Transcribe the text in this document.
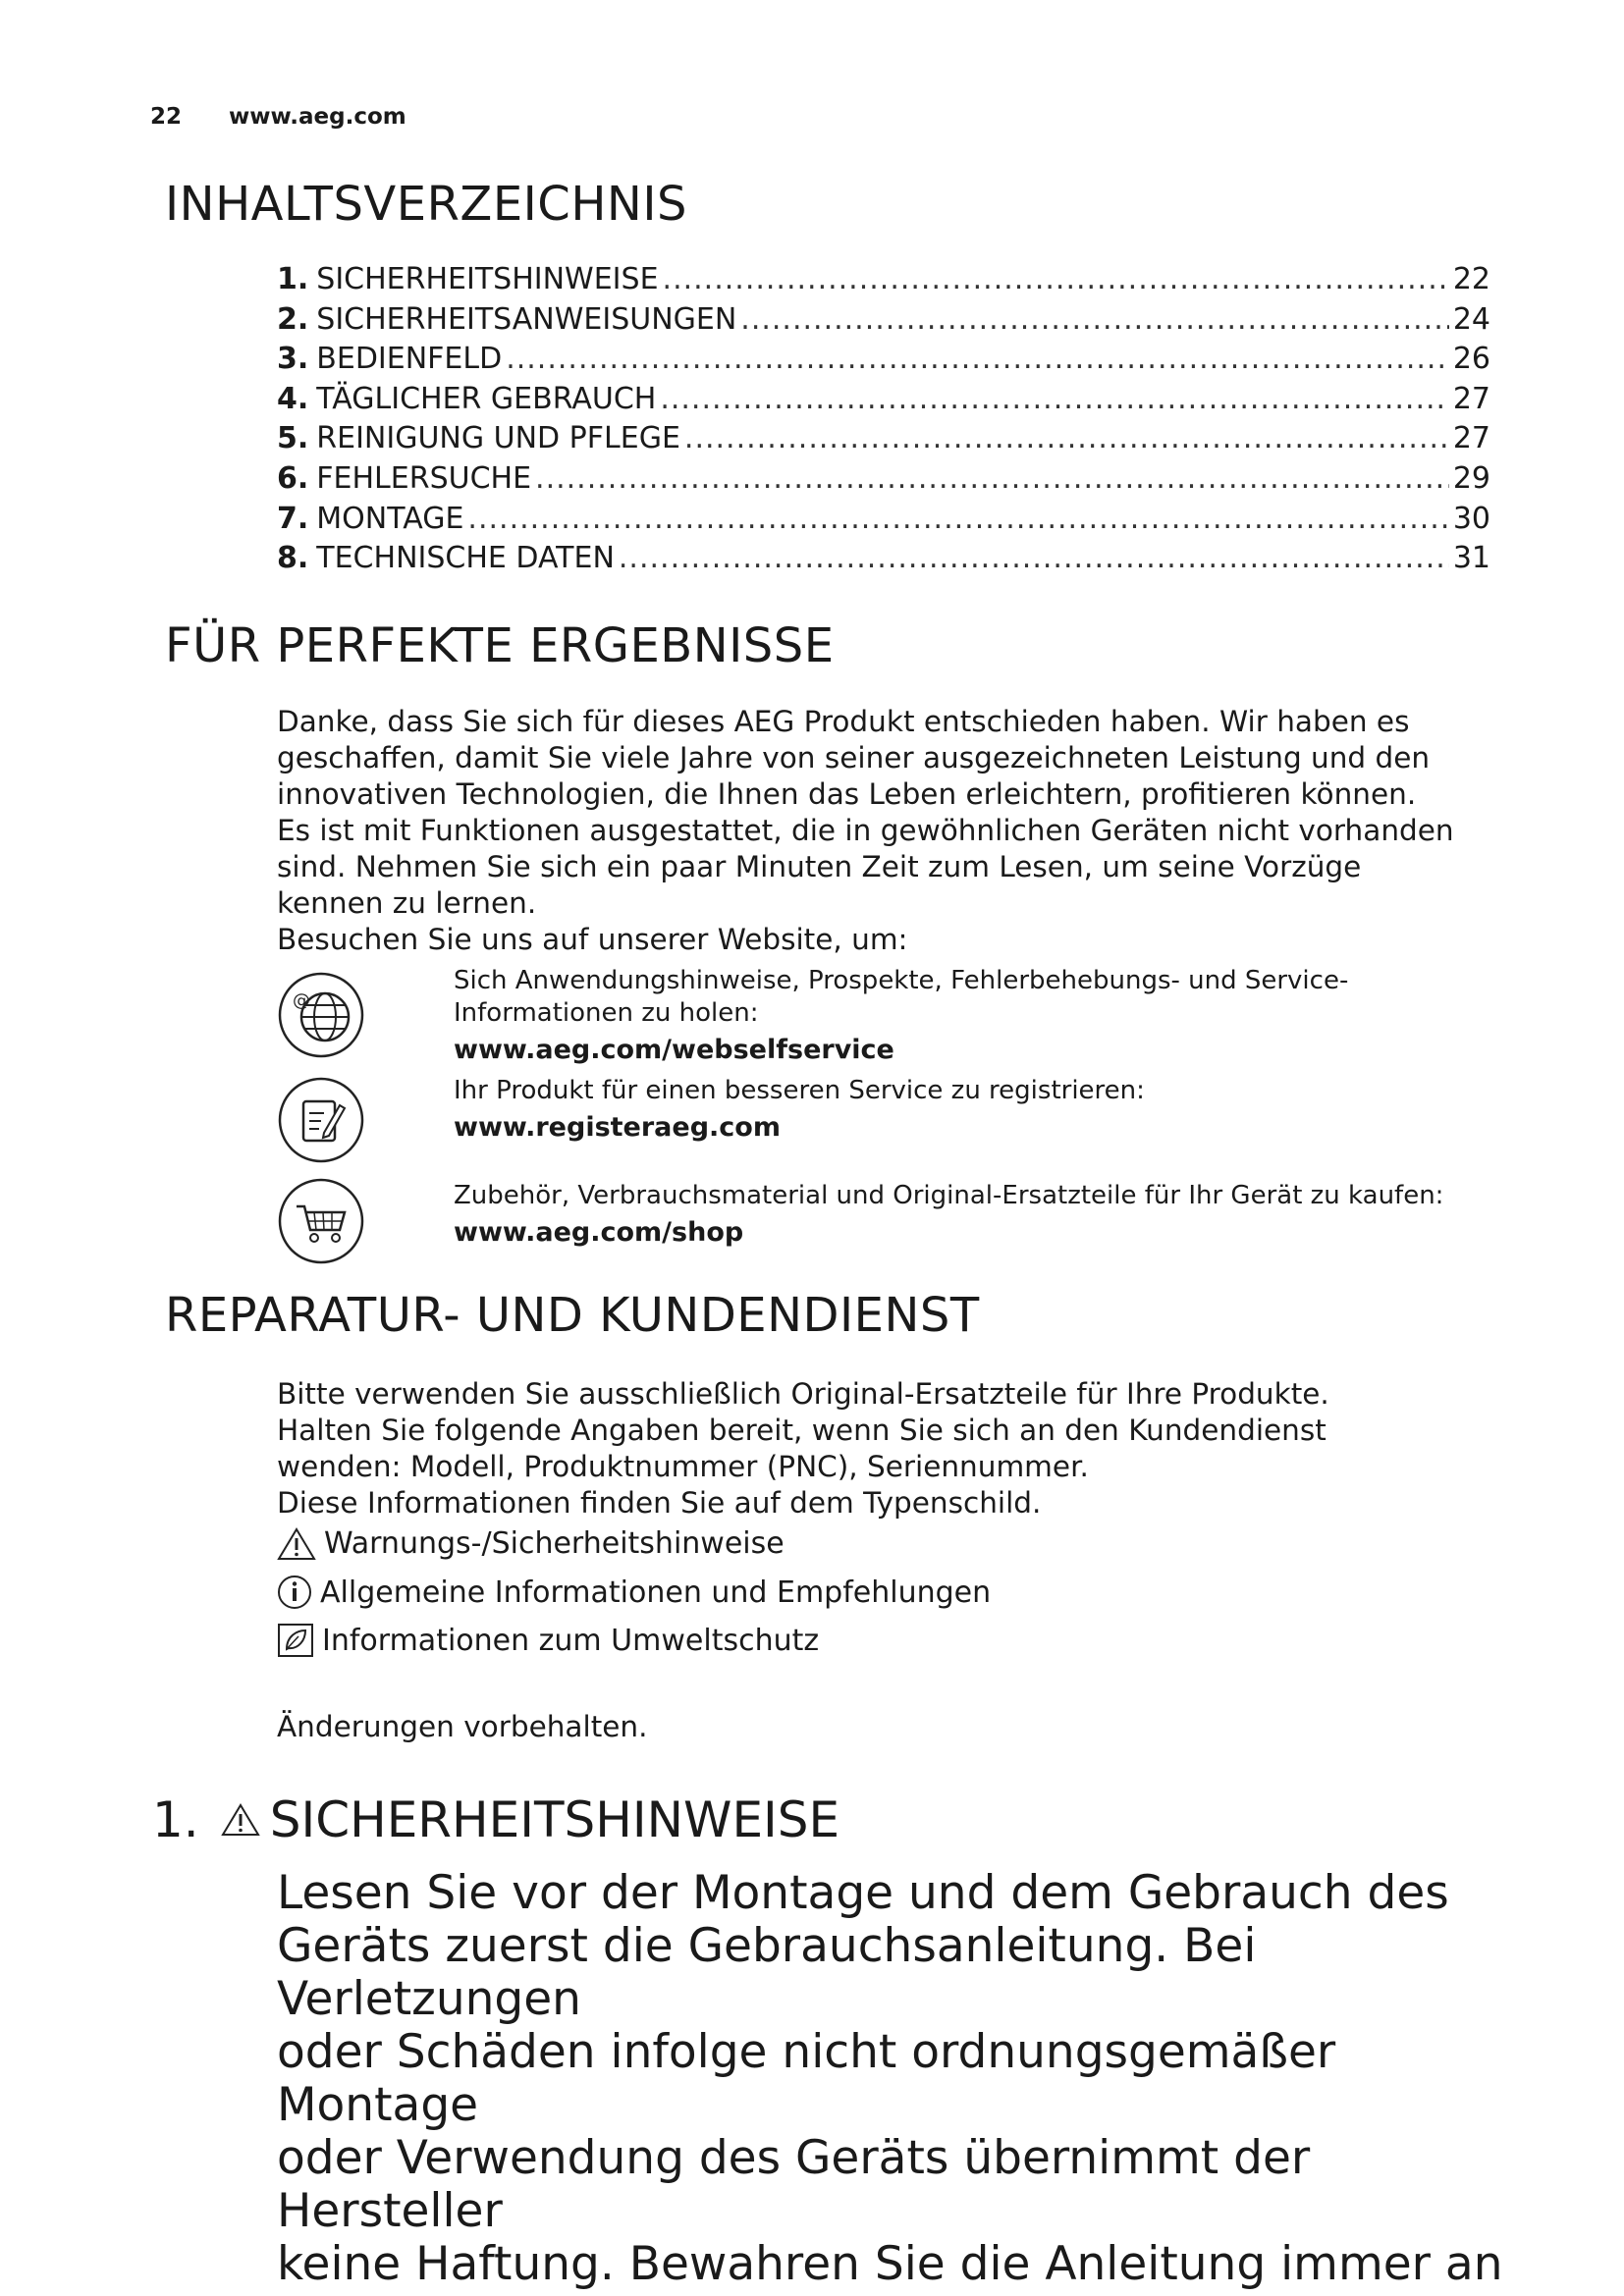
22 www.aeg.com
INHALTSVERZEICHNIS
1. SICHERHEITSHINWEISE .....	22
2. SICHERHEITSANWEISUNGEN .....	24
3. BEDIENFELD .....	26
4. TÄGLICHER GEBRAUCH .....	27
5. REINIGUNG UND PFLEGE .....	27
6. FEHLERSUCHE .....	29
7. MONTAGE .....	30
8. TECHNISCHE DATEN .....	31
FÜR PERFEKTE ERGEBNISSE

Danke, dass Sie sich für dieses AEG Produkt entschieden haben. Wir haben es

geschaffen, damit Sie viele Jahre von seiner ausgezeichneten Leistung und den

innovativen Technologien, die Ihnen das Leben erleichtern, profitieren können.

Es ist mit Funktionen ausgestattet, die in gewöhnlichen Geräten nicht vorhanden

sind. Nehmen Sie sich ein paar Minuten Zeit zum Lesen, um seine Vorzüge

kennen zu lernen.

Besuchen Sie uns auf unserer Website, um:

@
Sich Anwendungshinweise, Prospekte, Fehlerbehebungs- und Service-
Informationen zu holen:
www.aeg.com/webselfservice
Ihr Produkt für einen besseren Service zu registrieren:
www.registeraeg.com
Zubehör, Verbrauchsmaterial und Original-Ersatzteile für Ihr Gerät zu kaufen:
www.aeg.com/shop
REPARATUR- UND KUNDENDIENST

Bitte verwenden Sie ausschließlich Original-Ersatzteile für Ihre Produkte.

Halten Sie folgende Angaben bereit, wenn Sie sich an den Kundendienst

wenden: Modell, Produktnummer (PNC), Seriennummer.

Diese Informationen finden Sie auf dem Typenschild.

Warnungs-/Sicherheitshinweise
Allgemeine Informationen und Empfehlungen
Informationen zum Umweltschutz
Änderungen vorbehalten.
1. SICHERHEITSHINWEISE

Lesen Sie vor der Montage und dem Gebrauch des

Geräts zuerst die Gebrauchsanleitung. Bei Verletzungen

oder Schäden infolge nicht ordnungsgemäßer Montage

oder Verwendung des Geräts übernimmt der Hersteller

keine Haftung. Bewahren Sie die Anleitung immer an
